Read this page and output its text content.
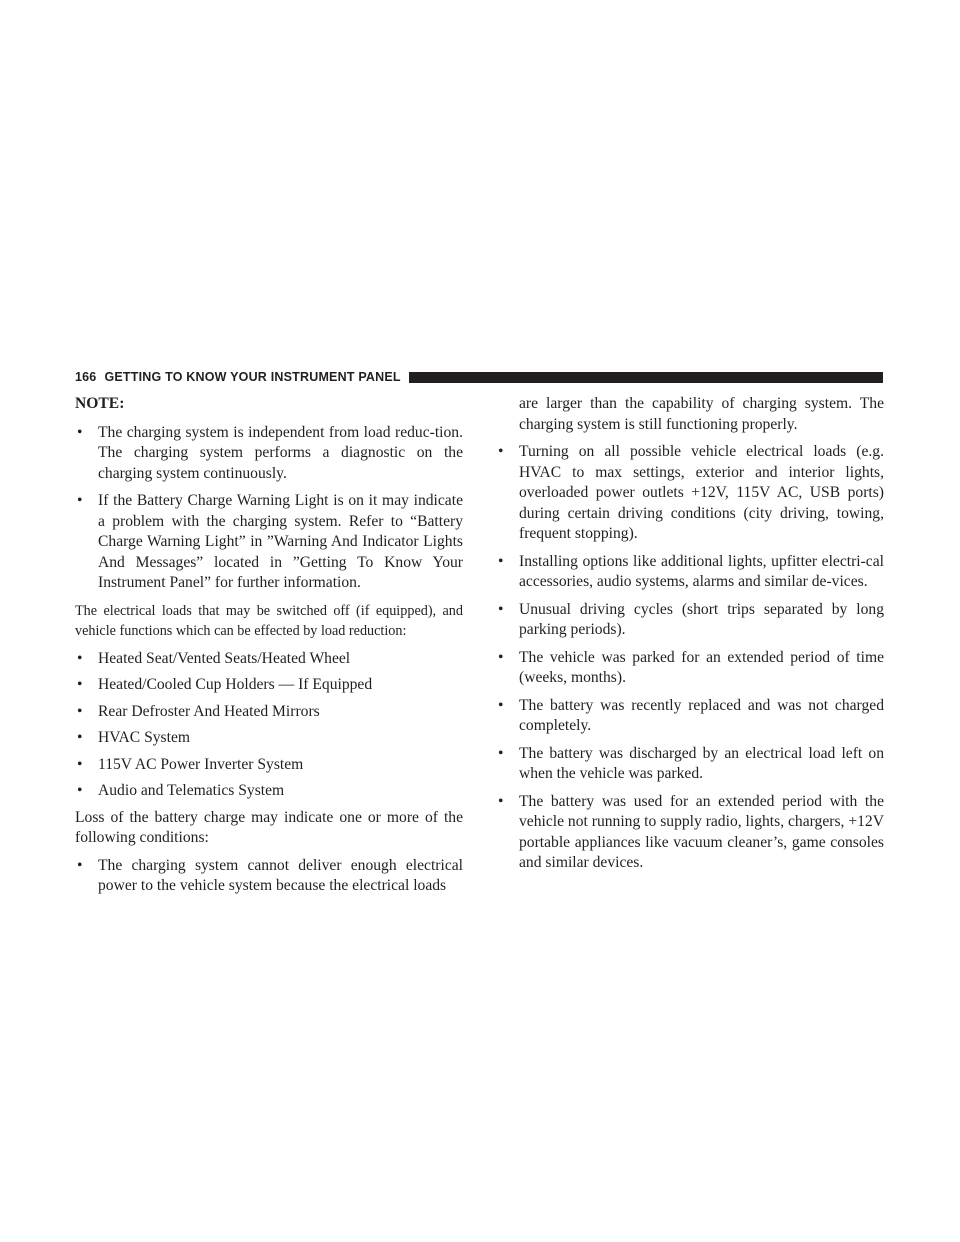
166 GETTING TO KNOW YOUR INSTRUMENT PANEL

NOTE:

• The charging system is independent from load reduc-tion. The charging system performs a diagnostic on the charging system continuously.
• If the Battery Charge Warning Light is on it may indicate a problem with the charging system. Refer to “Battery Charge Warning Light” in ”Warning And Indicator Lights And Messages” located in ”Getting To Know Your Instrument Panel” for further information.

The electrical loads that may be switched off (if equipped), and vehicle functions which can be effected by load reduction:

• Heated Seat/Vented Seats/Heated Wheel
• Heated/Cooled Cup Holders — If Equipped
• Rear Defroster And Heated Mirrors
• HVAC System
• 115V AC Power Inverter System
• Audio and Telematics System

Loss of the battery charge may indicate one or more of the following conditions:

• The charging system cannot deliver enough electrical power to the vehicle system because the electrical loads

are larger than the capability of charging system. The charging system is still functioning properly.

• Turning on all possible vehicle electrical loads (e.g. HVAC to max settings, exterior and interior lights, overloaded power outlets +12V, 115V AC, USB ports) during certain driving conditions (city driving, towing, frequent stopping).
• Installing options like additional lights, upfitter electri-cal accessories, audio systems, alarms and similar de-vices.
• Unusual driving cycles (short trips separated by long parking periods).
• The vehicle was parked for an extended period of time (weeks, months).
• The battery was recently replaced and was not charged completely.
• The battery was discharged by an electrical load left on when the vehicle was parked.
• The battery was used for an extended period with the vehicle not running to supply radio, lights, chargers, +12V portable appliances like vacuum cleaner’s, game consoles and similar devices.
